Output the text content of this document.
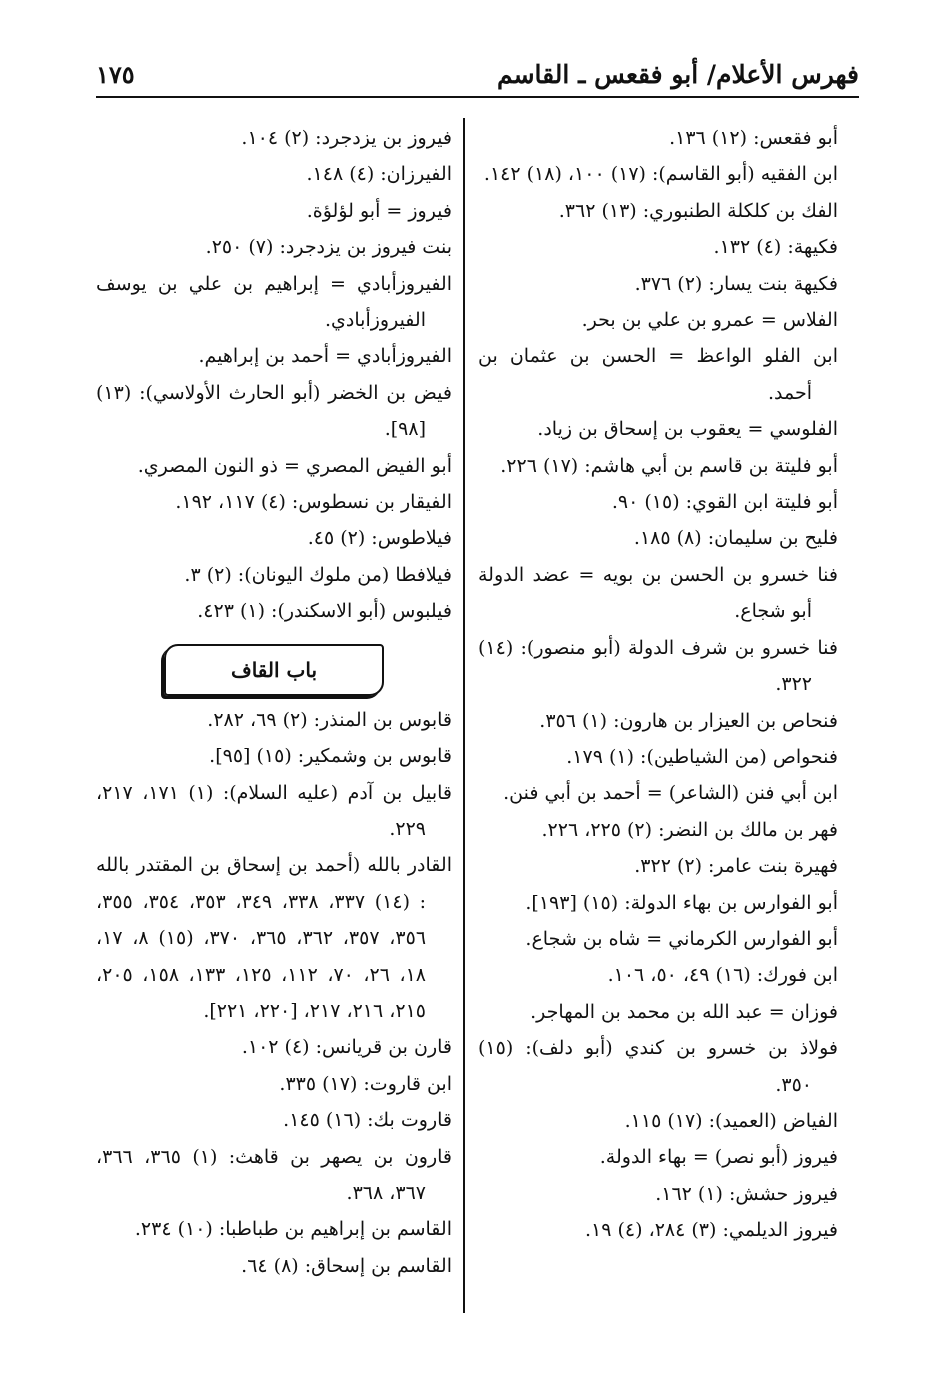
فهرس الأعلام/ أبو فقعس ـ القاسم
١٧٥
أبو فقعس: (١٢) ١٣٦.
ابن الفقيه (أبو القاسم): (١٧) ١٠٠، (١٨) ١٤٢.
الفك بن كلكلة الطنبوري: (١٣) ٣٦٢.
فكيهة: (٤) ١٣٢.
فكيهة بنت يسار: (٢) ٣٧٦.
الفلاس = عمرو بن علي بن بحر.
ابن الفلو الواعظ = الحسن بن عثمان بن أحمد.
الفلوسي = يعقوب بن إسحاق بن زياد.
أبو فليتة بن قاسم بن أبي هاشم: (١٧) ٢٢٦.
أبو فليتة ابن القوي: (١٥) ٩٠.
فليح بن سليمان: (٨) ١٨٥.
فنا خسرو بن الحسن بن بويه = عضد الدولة أبو شجاع.
فنا خسرو بن شرف الدولة (أبو منصور): (١٤) ٣٢٢.
فنحاص بن العيزار بن هارون: (١) ٣٥٦.
فنحواص (من الشياطين): (١) ١٧٩.
ابن أبي فنن (الشاعر) = أحمد بن أبي فنن.
فهر بن مالك بن النضر: (٢) ٢٢٥، ٢٢٦.
فهيرة بنت عامر: (٢) ٣٢٢.
أبو الفوارس بن بهاء الدولة: (١٥) [١٩٣].
أبو الفوارس الكرماني = شاه بن شجاع.
ابن فورك: (١٦) ٤٩، ٥٠، ١٠٦.
فوزان = عبد الله بن محمد بن المهاجر.
فولاذ بن خسرو بن كندي (أبو دلف): (١٥) ٣٥٠.
الفياض (العميد): (١٧) ١١٥.
فيروز (أبو نصر) = بهاء الدولة.
فيروز حشش: (١) ١٦٢.
فيروز الديلمي: (٣) ٢٨٤، (٤) ١٩.
فيروز بن يزدجرد: (٢) ١٠٤.
الفيرزان: (٤) ١٤٨.
فيروز = أبو لؤلؤة.
بنت فيروز بن يزدجرد: (٧) ٢٥٠.
الفيروزأبادي = إبراهيم بن علي بن يوسف الفيروزأبادي.
الفيروزأبادي = أحمد بن إبراهيم.
فيض بن الخضر (أبو الحارث الأولاسي): (١٣) [٩٨].
أبو الفيض المصري = ذو النون المصري.
الفيقار بن نسطوس: (٤) ١١٧، ١٩٢.
فيلاطوس: (٢) ٤٥.
فيلافطا (من ملوك اليونان): (٢) ٣.
فيلبوس (أبو الاسكندر): (١) ٤٢٣.
باب القاف
قابوس بن المنذر: (٢) ٦٩، ٢٨٢.
قابوس بن وشمكير: (١٥) [٩٥].
قابيل بن آدم (عليه السلام): (١) ١٧١، ٢١٧، ٢٢٩.
القادر بالله (أحمد بن إسحاق بن المقتدر بالله : (١٤) ٣٣٧، ٣٣٨، ٣٤٩، ٣٥٣، ٣٥٤، ٣٥٥، ٣٥٦، ٣٥٧، ٣٦٢، ٣٦٥، ٣٧٠، (١٥) ٨، ١٧، ١٨، ٢٦، ٧٠، ١١٢، ١٢٥، ١٣٣، ١٥٨، ٢٠٥، ٢١٥، ٢١٦، ٢١٧، [٢٢٠، ٢٢١].
قارن بن قريانس: (٤) ١٠٢.
ابن قاروت: (١٧) ٣٣٥.
قاروت بك: (١٦) ١٤٥.
قارون بن يصهر بن قاهث: (١) ٣٦٥، ٣٦٦، ٣٦٧، ٣٦٨.
القاسم بن إبراهيم بن طباطبا: (١٠) ٢٣٤.
القاسم بن إسحاق: (٨) ٦٤.
